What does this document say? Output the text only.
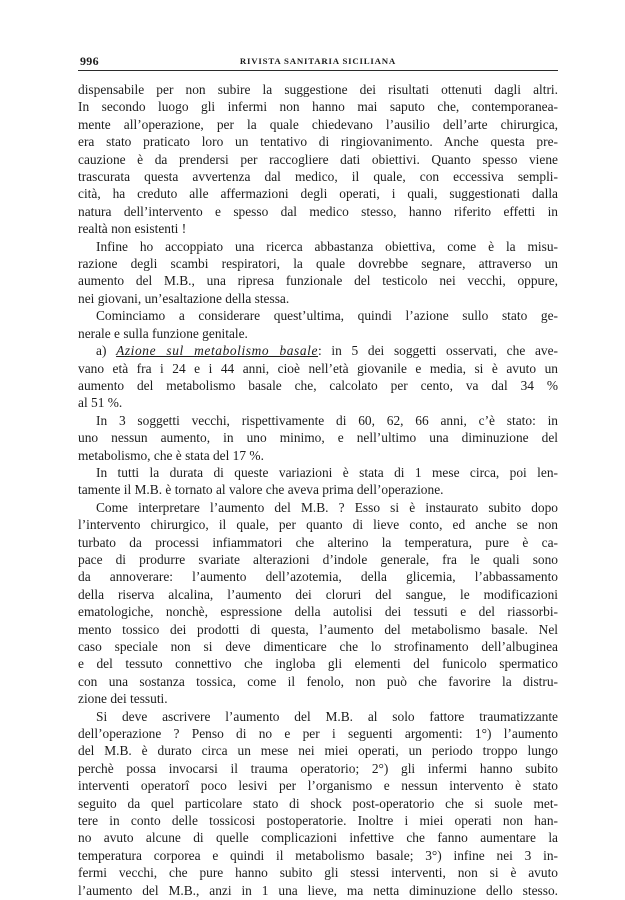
996	RIVISTA SANITARIA SICILIANA
dispensabile per non subire la suggestione dei risultati ottenuti dagli altri.
In secondo luogo gli infermi non hanno mai saputo che, contemporanea-
mente all’operazione, per la quale chiedevano l’ausilio dell’arte chirurgica,
era stato praticato loro un tentativo di ringiovanimento. Anche questa pre-
cauzione è da prendersi per raccogliere dati obiettivi. Quanto spesso viene
trascurata questa avvertenza dal medico, il quale, con eccessiva sempli-
cità, ha creduto alle affermazioni degli operati, i quali, suggestionati dalla
natura dell’intervento e spesso dal medico stesso, hanno riferito effetti in
realtà non esistenti !
Infine ho accoppiato una ricerca abbastanza obiettiva, come è la misu-
razione degli scambi respiratori, la quale dovrebbe segnare, attraverso un
aumento del M.B., una ripresa funzionale del testicolo nei vecchi, oppure,
nei giovani, un’esaltazione della stessa.
Cominciamo a considerare quest’ultima, quindi l’azione sullo stato ge-
nerale e sulla funzione genitale.
a) Azione sul metabolismo basale: in 5 dei soggetti osservati, che ave-
vano età fra i 24 e i 44 anni, cioè nell’età giovanile e media, si è avuto un
aumento del metabolismo basale che, calcolato per cento, va dal 34 %
al 51 %.
In 3 soggetti vecchi, rispettivamente di 60, 62, 66 anni, c’è stato: in
uno nessun aumento, in uno minimo, e nell’ultimo una diminuzione del
metabolismo, che è stata del 17 %.
In tutti la durata di queste variazioni è stata di 1 mese circa, poi len-
tamente il M.B. è tornato al valore che aveva prima dell’operazione.
Come interpretare l’aumento del M.B. ? Esso si è instaurato subito dopo
l’intervento chirurgico, il quale, per quanto di lieve conto, ed anche se non
turbato da processi infiammatori che alterino la temperatura, pure è ca-
pace di produrre svariate alterazioni d’indole generale, fra le quali sono
da annoverare: l’aumento dell’azotemia, della glicemia, l’abbassamento
della riserva alcalina, l’aumento dei cloruri del sangue, le modificazioni
ematologiche, nonchè, espressione della autolisi dei tessuti e del riassorbi-
mento tossico dei prodotti di questa, l’aumento del metabolismo basale. Nel
caso speciale non si deve dimenticare che lo strofinamento dell’albuginea
e del tessuto connettivo che ingloba gli elementi del funicolo spermatico
con una sostanza tossica, come il fenolo, non può che favorire la distru-
zione dei tessuti.
Si deve ascrivere l’aumento del M.B. al solo fattore traumatizzante
dell’operazione ? Penso di no e per i seguenti argomenti: 1°) l’aumento
del M.B. è durato circa un mese nei miei operati, un periodo troppo lungo
perchè possa invocarsi il trauma operatorio; 2°) gli infermi hanno subito
interventi operatorî poco lesivi per l’organismo e nessun intervento è stato
seguito da quel particolare stato di shock post-operatorio che si suole met-
tere in conto delle tossicosi postoperatorie. Inoltre i miei operati non han-
no avuto alcune di quelle complicazioni infettive che fanno aumentare la
temperatura corporea e quindi il metabolismo basale; 3°) infine nei 3 in-
fermi vecchi, che pure hanno subito gli stessi interventi, non si è avuto
l’aumento del M.B., anzi in 1 una lieve, ma netta diminuzione dello stesso.
